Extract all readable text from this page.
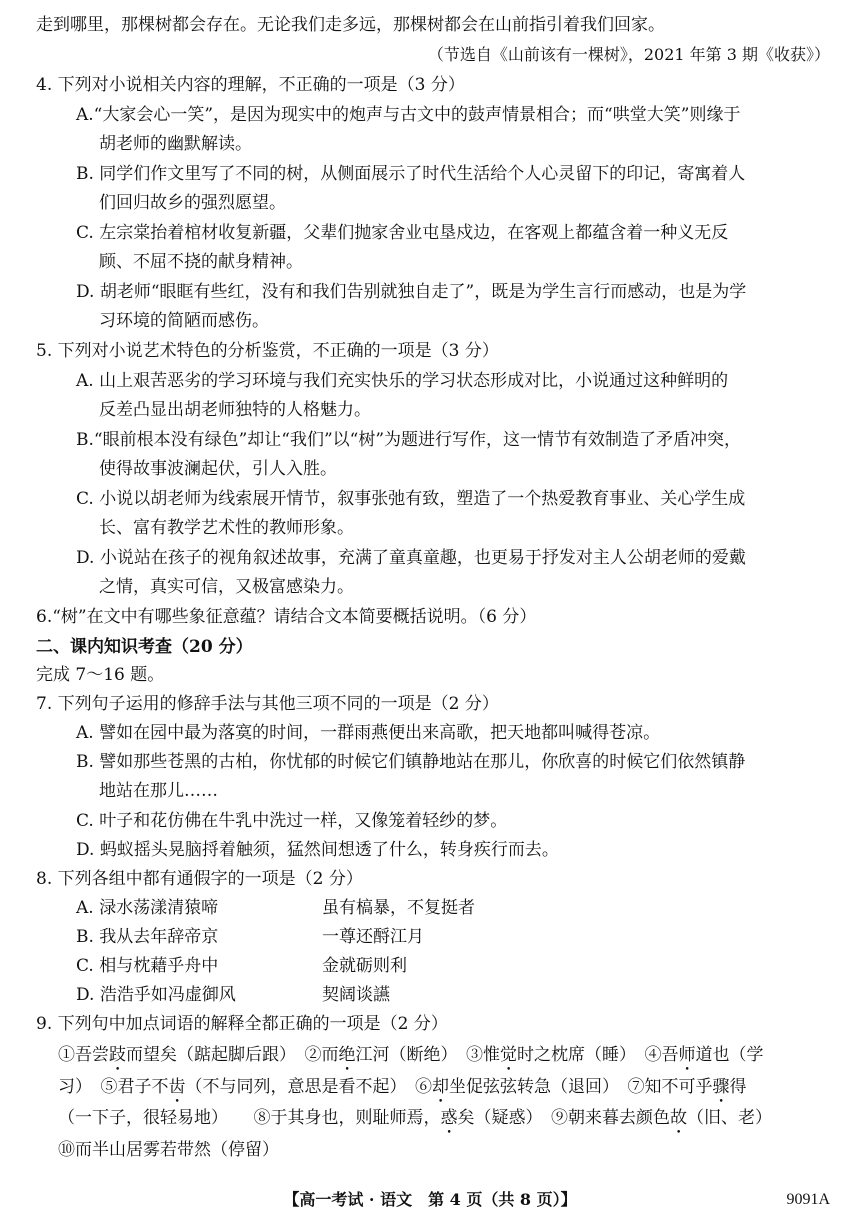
走到哪里，那棵树都会存在。无论我们走多远，那棵树都会在山前指引着我们回家。
（节选自《山前该有一棵树》，2021 年第 3 期《收获》）
4. 下列对小说相关内容的理解，不正确的一项是（3 分）
A.“大家会心一笑”，是因为现实中的炮声与古文中的鼓声情景相合；而“哄堂大笑”则缘于
胡老师的幽默解读。
B. 同学们作文里写了不同的树，从侧面展示了时代生活给个人心灵留下的印记，寄寓着人
们回归故乡的强烈愿望。
C. 左宗棠抬着棺材收复新疆，父辈们抛家舍业屯垦戍边，在客观上都蕴含着一种义无反
顾、不屈不挠的献身精神。
D. 胡老师“眼眶有些红，没有和我们告别就独自走了”，既是为学生言行而感动，也是为学
习环境的简陋而感伤。
5. 下列对小说艺术特色的分析鉴赏，不正确的一项是（3 分）
A. 山上艰苦恶劣的学习环境与我们充实快乐的学习状态形成对比，小说通过这种鲜明的
反差凸显出胡老师独特的人格魅力。
B.“眼前根本没有绿色”却让“我们”以“树”为题进行写作，这一情节有效制造了矛盾冲突，
使得故事波澜起伏，引人入胜。
C. 小说以胡老师为线索展开情节，叙事张弛有致，塑造了一个热爱教育事业、关心学生成
长、富有教学艺术性的教师形象。
D. 小说站在孩子的视角叙述故事，充满了童真童趣，也更易于抒发对主人公胡老师的爱戴
之情，真实可信，又极富感染力。
6.“树”在文中有哪些象征意蕴？请结合文本简要概括说明。（6 分）
二、课内知识考查（20 分）
完成 7～16 题。
7. 下列句子运用的修辞手法与其他三项不同的一项是（2 分）
A. 譬如在园中最为落寞的时间，一群雨燕便出来高歌，把天地都叫喊得苍凉。
B. 譬如那些苍黑的古柏，你忧郁的时候它们镇静地站在那儿，你欣喜的时候它们依然镇静
地站在那儿……
C. 叶子和花仿佛在牛乳中洗过一样，又像笼着轻纱的梦。
D. 蚂蚁摇头晃脑捋着触须，猛然间想透了什么，转身疾行而去。
8. 下列各组中都有通假字的一项是（2 分）
A. 渌水荡漾清猿啼	虽有槁暴，不复挺者
B. 我从去年辞帝京	一尊还酹江月
C. 相与枕藉乎舟中	金就砺则利
D. 浩浩乎如冯虚御风	契阔谈讌
9. 下列句中加点词语的解释全都正确的一项是（2 分）
①吾尝跂而望矣（踮起脚后跟）　②而绝江河（断绝）　③惟觉时之枕席（睡）　④吾师道也（学
习）　⑤君子不齿（不与同列，意思是看不起）　⑥却坐促弦弦转急（退回）　⑦知不可乎骤得
（一下子，很轻易地）　　⑧于其身也，则耻师焉，惑矣（疑惑）　⑨朝来暮去颜色故（旧、老）
⑩而半山居雾若带然（停留）
【高一考试 · 语文　第 4 页（共 8 页）】	9091A
